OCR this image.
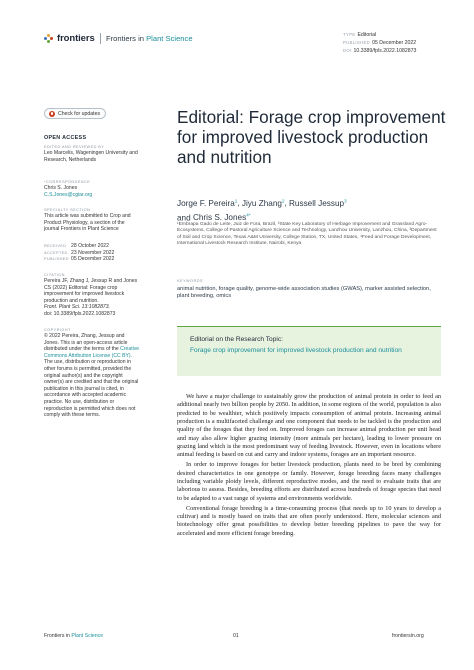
frontiers Frontiers in Plant Science	TYPE Editorial
PUBLISHED 05 December 2022
DOI 10.3389/fpls.2022.1082873
Check for updates
OPEN ACCESS
EDITED AND REVIEWED BY
Leo Marcelis, Wageningen University and Research, Netherlands
*CORRESPONDENCE
Chris S. Jones
C.S.Jones@cgiar.org
SPECIALTY SECTION
This article was submitted to Crop and Product Physiology, a section of the journal Frontiers in Plant Science
RECEIVED 28 October 2022
ACCEPTED 23 November 2022
PUBLISHED 05 December 2022
CITATION
Pereira JF, Zhang J, Jessup R and Jones CS (2022) Editorial: Forage crop improvement for improved livestock production and nutrition.
Front. Plant Sci. 13:1082873.
doi: 10.3389/fpls.2022.1082873
COPYRIGHT
© 2022 Pereira, Zhang, Jessup and Jones. This is an open-access article distributed under the terms of the Creative Commons Attribution License (CC BY). The use, distribution or reproduction in other forums is permitted, provided the original author(s) and the copyright owner(s) are credited and that the original publication in this journal is cited, in accordance with accepted academic practice. No use, distribution or reproduction is permitted which does not comply with these terms.
Editorial: Forage crop improvement for improved livestock production and nutrition
Jorge F. Pereira$^1$, Jiyu Zhang$^2$, Russell Jessup$^3$
and Chris S. Jones$^{4*}$
¹Embrapa Gado de Leite, Juiz de Fora, Brazil, ²State Key Laboratory of Herbage Improvement and Grassland Agro-Ecosystems, College of Pastoral Agriculture Science and Technology, Lanzhou University, Lanzhou, China, ³Department of Soil and Crop Science, Texas A&M University, College Station, TX, United States, ⁴Feed and Forage Development, International Livestock Research Institute, Nairobi, Kenya
KEYWORDS
animal nutrition, forage quality, genome-wide association studies (GWAS), marker assisted selection, plant breeding, omics
Editorial on the Research Topic:
Forage crop improvement for improved livestock production and nutrition

We have a major challenge to sustainably grow the production of animal protein in order to feed an additional nearly two billion people by 2050. In addition, in some regions of the world, population is also predicted to be wealthier, which positively impacts consumption of animal protein. Increasing animal production is a multifaceted challenge and one component that needs to be tackled is the production and quality of the forages that they feed on. Improved forages can increase animal production per unit head and may also allow higher grazing intensity (more animals per hectare), leading to lower pressure on grazing land which is the most predominant way of feeding livestock. However, even in locations where animal feeding is based on cut and carry and indoor systems, forages are an important resource.

In order to improve forages for better livestock production, plants need to be bred by combining desired characteristics in one genotype or family. However, forage breeding faces many challenges including variable ploidy levels, different reproductive modes, and the need to evaluate traits that are laborious to assess. Besides, breeding efforts are distributed across hundreds of forage species that need to be adapted to a vast range of systems and environments worldwide.

Conventional forage breeding is a time-consuming process (that needs up to 10 years to develop a cultivar) and is mostly based on traits that are often poorly understood. Here, molecular sciences and biotechnology offer great possibilities to develop better breeding pipelines to pave the way for accelerated and more efficient forage breeding.

Frontiers in Plant Science	01	frontiersin.org
